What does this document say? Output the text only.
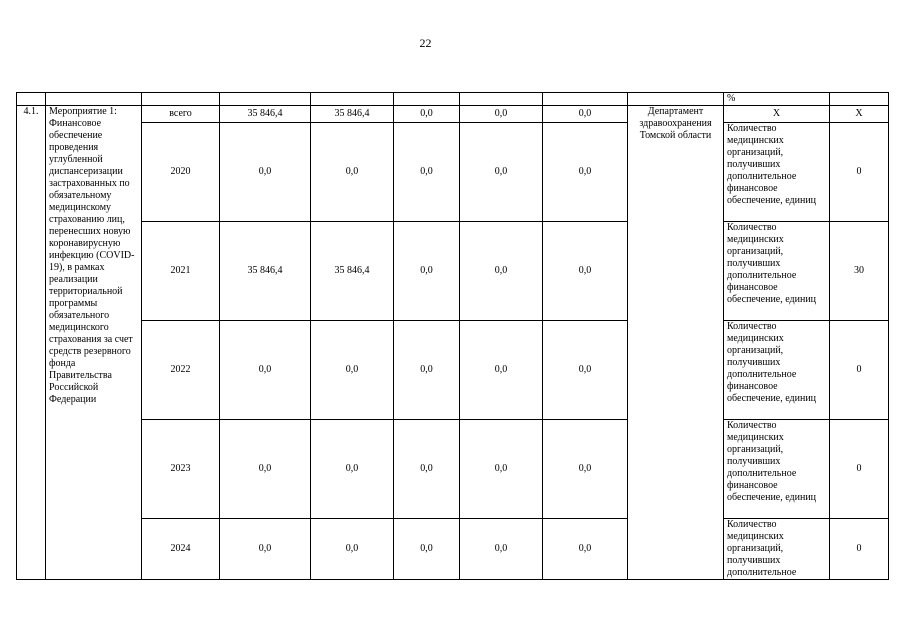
22
									%	
4.1.	Мероприятие 1: Финансовое обеспечение проведения углубленной диспансеризации застрахованных по обязательному медицинскому страхованию лиц, перенесших новую коронавирусную инфекцию (COVID-19), в рамках реализации территориальной программы обязательного медицинского страхования за счет средств резервного фонда Правительства Российской Федерации	всего	35 846,4	35 846,4	0,0	0,0	0,0	Департамент здравоохранения Томской области	Х	Х
		2020	0,0	0,0	0,0	0,0	0,0		Количество медицинских организаций, получивших дополнительное финансовое обеспечение, единиц	0
		2021	35 846,4	35 846,4	0,0	0,0	0,0		Количество медицинских организаций, получивших дополнительное финансовое обеспечение, единиц	30
		2022	0,0	0,0	0,0	0,0	0,0		Количество медицинских организаций, получивших дополнительное финансовое обеспечение, единиц	0
		2023	0,0	0,0	0,0	0,0	0,0		Количество медицинских организаций, получивших дополнительное финансовое обеспечение, единиц	0
		2024	0,0	0,0	0,0	0,0	0,0		Количество медицинских организаций, получивших дополнительное	0
